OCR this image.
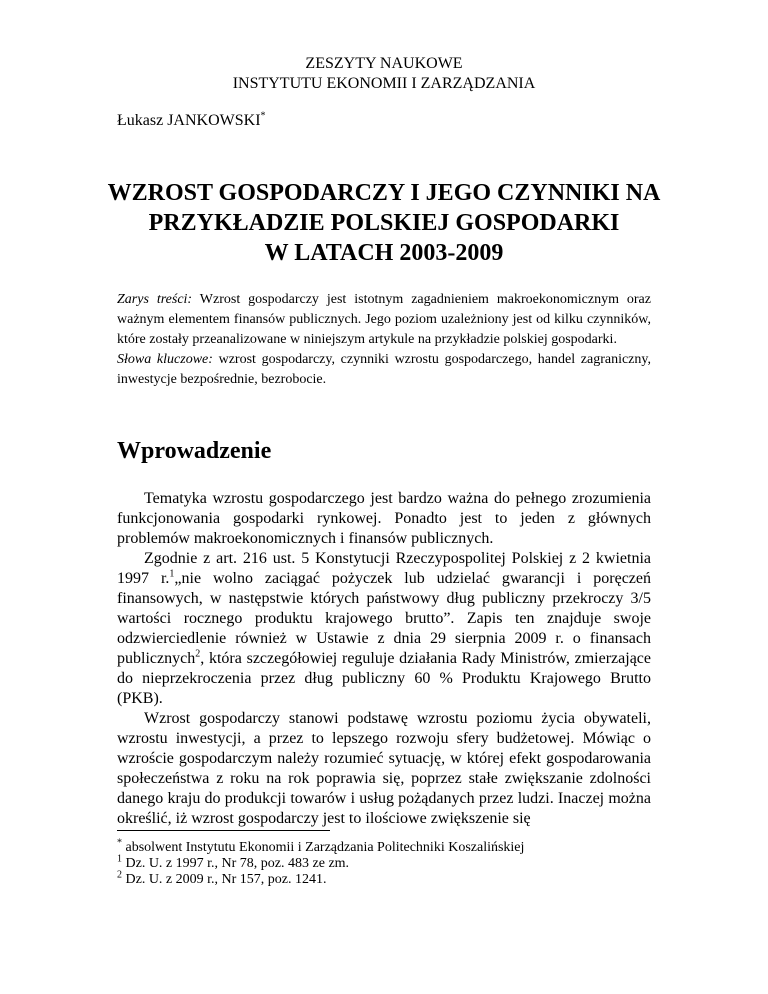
ZESZYTY NAUKOWE
INSTYTUTU EKONOMII I ZARZĄDZANIA
Łukasz JANKOWSKI*
WZROST GOSPODARCZY I JEGO CZYNNIKI NA
PRZYKŁADZIE POLSKIEJ GOSPODARKI
W LATACH 2003-2009

Zarys treści: Wzrost gospodarczy jest istotnym zagadnieniem makroekonomicznym oraz ważnym elementem finansów publicznych. Jego poziom uzależniony jest od kilku czynników, które zostały przeanalizowane w niniejszym artykule na przykładzie polskiej gospodarki.

Słowa kluczowe: wzrost gospodarczy, czynniki wzrostu gospodarczego, handel zagraniczny, inwestycje bezpośrednie, bezrobocie.

Wprowadzenie

Tematyka wzrostu gospodarczego jest bardzo ważna do pełnego zrozumienia funkcjonowania gospodarki rynkowej. Ponadto jest to jeden z głównych problemów makroekonomicznych i finansów publicznych.

Zgodnie z art. 216 ust. 5 Konstytucji Rzeczypospolitej Polskiej z 2 kwietnia 1997 r.$^1$„nie wolno zaciągać pożyczek lub udzielać gwarancji i poręczeń finansowych, w następstwie których państwowy dług publiczny przekroczy 3/5 wartości rocznego produktu krajowego brutto”. Zapis ten znajduje swoje odzwierciedlenie również w Ustawie z dnia 29 sierpnia 2009 r. o finansach publicznych$^2$, która szczegółowiej reguluje działania Rady Ministrów, zmierzające do nieprzekroczenia przez dług publiczny 60 % Produktu Krajowego Brutto (PKB).

Wzrost gospodarczy stanowi podstawę wzrostu poziomu życia obywateli, wzrostu inwestycji, a przez to lepszego rozwoju sfery budżetowej. Mówiąc o wzroście gospodarczym należy rozumieć sytuację, w której efekt gospodarowania społeczeństwa z roku na rok poprawia się, poprzez stałe zwiększanie zdolności danego kraju do produkcji towarów i usług pożądanych przez ludzi. Inaczej można określić, iż wzrost gospodarczy jest to ilościowe zwiększenie się

* absolwent Instytutu Ekonomii i Zarządzania Politechniki Koszalińskiej
$^1$ Dz. U. z 1997 r., Nr 78, poz. 483 ze zm.
$^2$ Dz. U. z 2009 r., Nr 157, poz. 1241.
